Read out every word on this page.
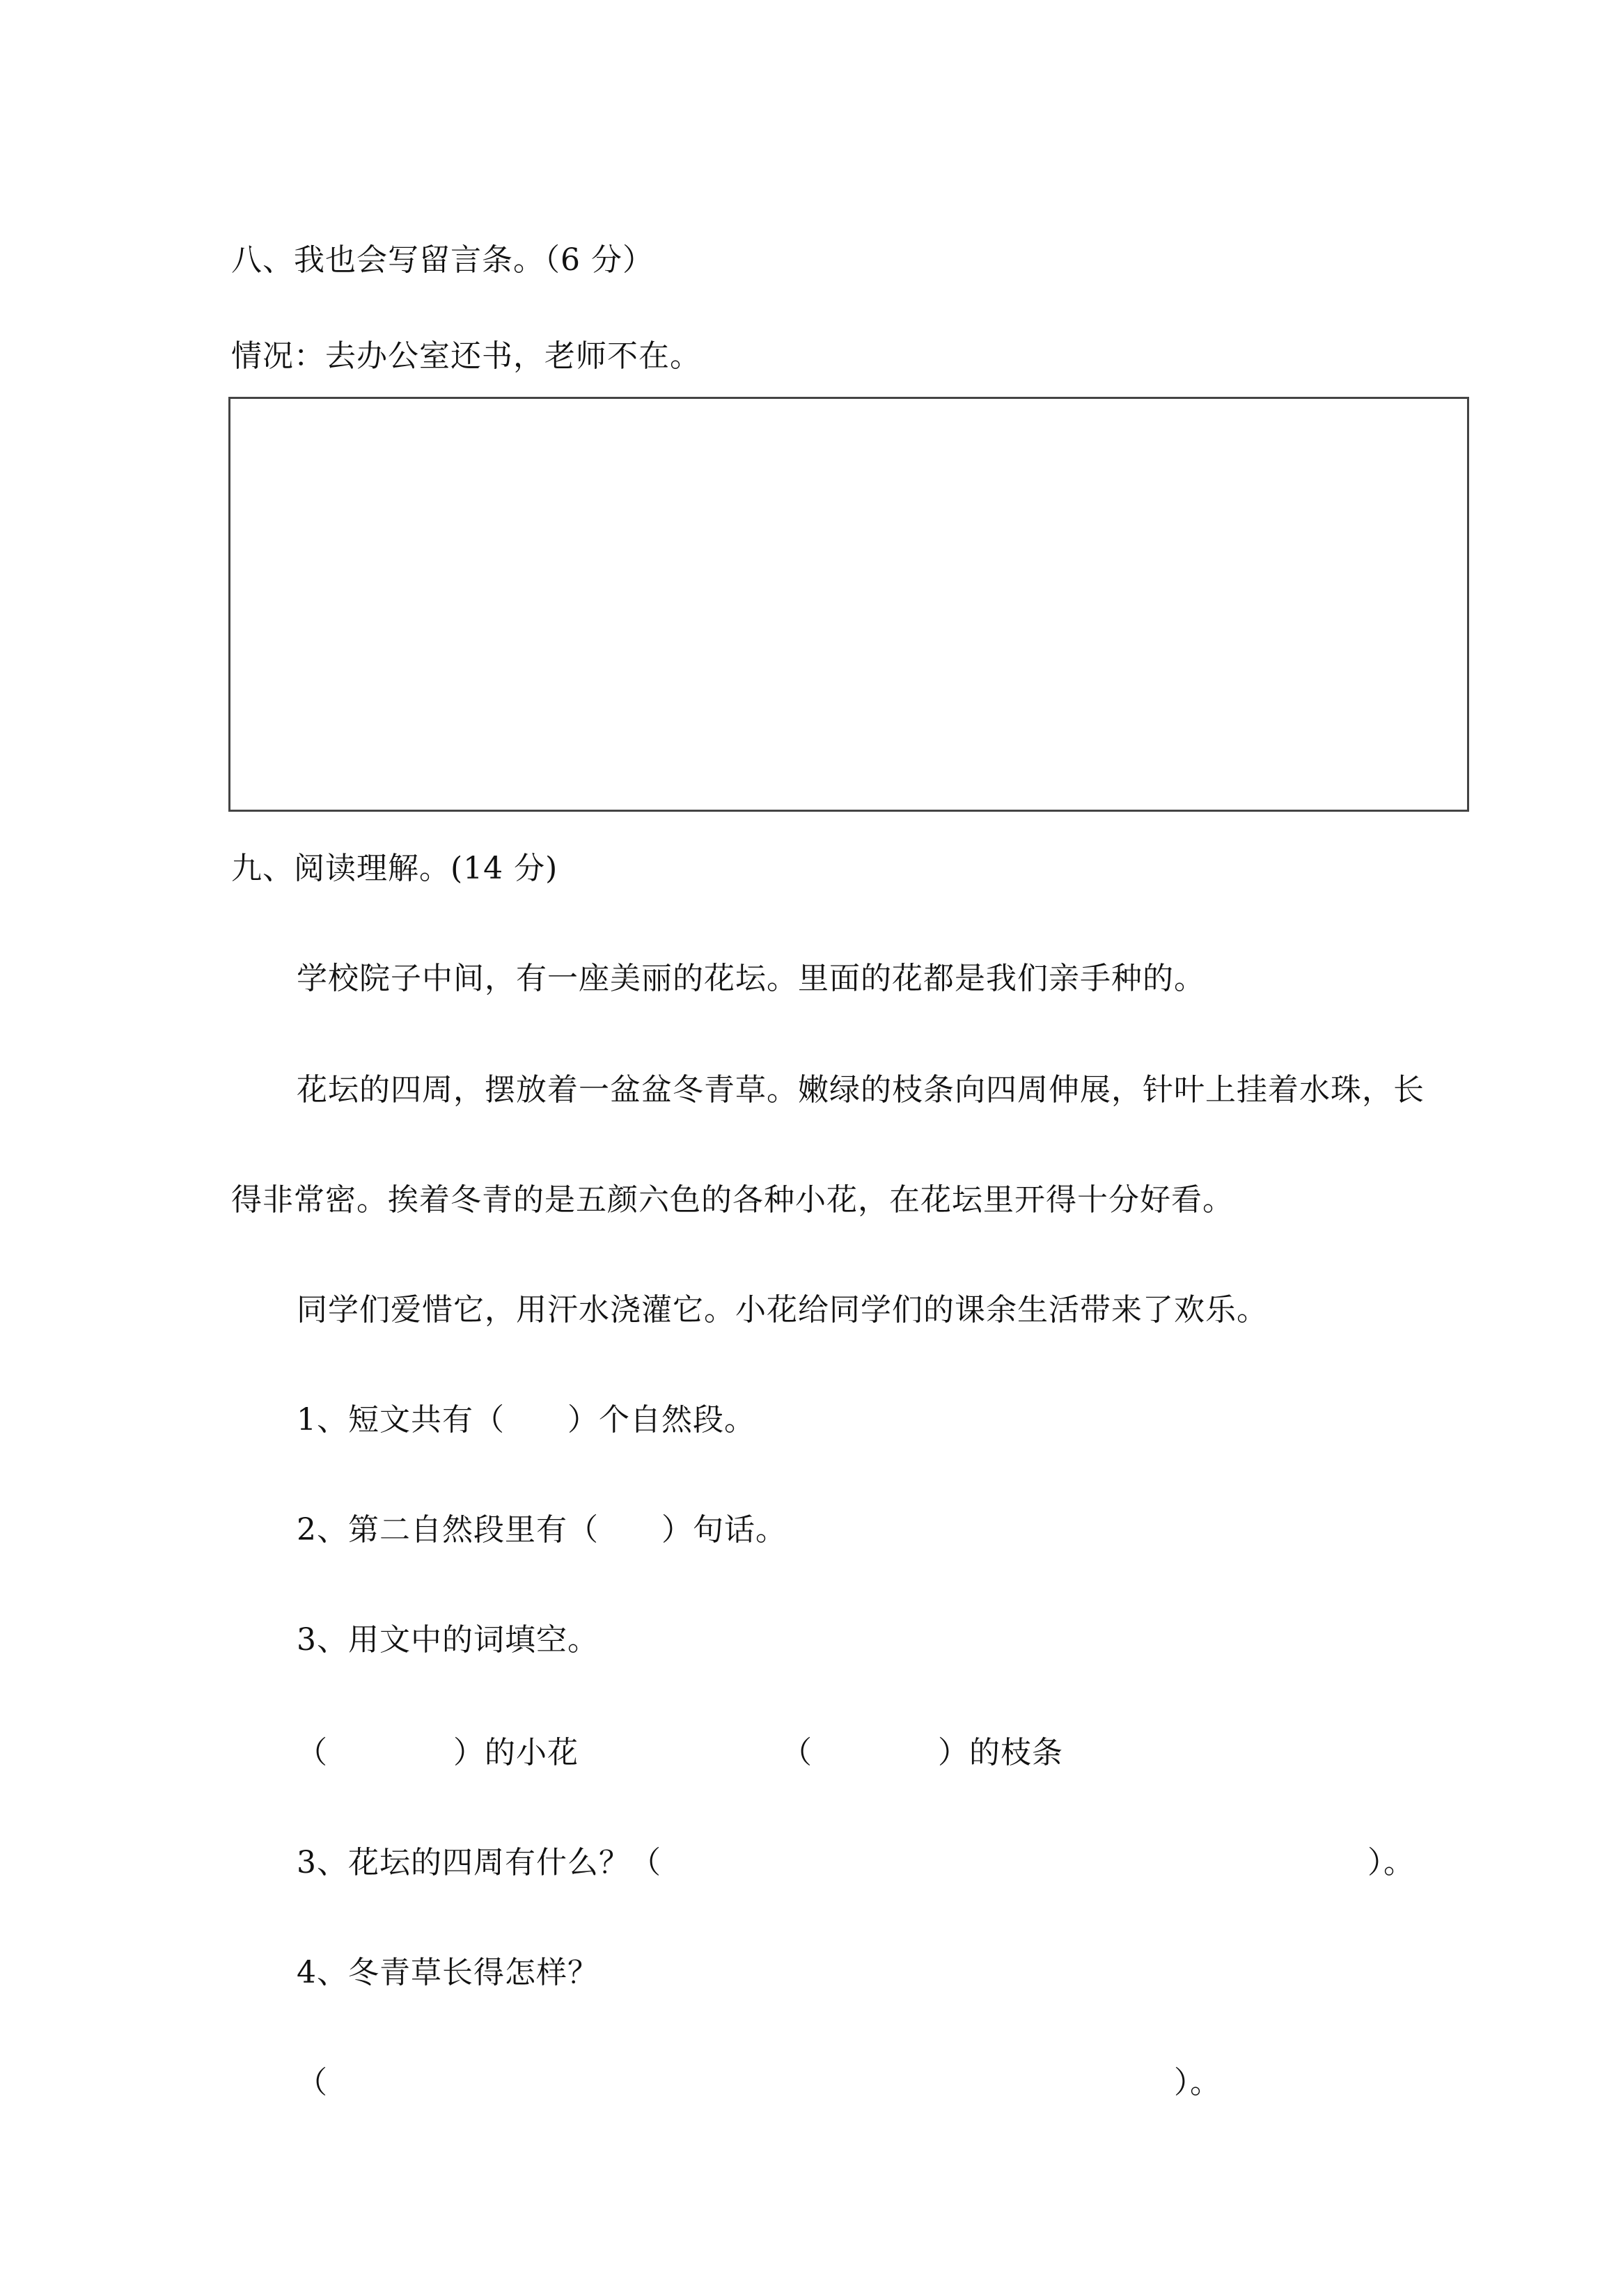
八、我也会写留言条。（6 分）
情况：去办公室还书，老师不在。
九、阅读理解。(14 分)
学校院子中间，有一座美丽的花坛。里面的花都是我们亲手种的。
花坛的四周，摆放着一盆盆冬青草。嫩绿的枝条向四周伸展，针叶上挂着水珠，长
得非常密。挨着冬青的是五颜六色的各种小花，在花坛里开得十分好看。
同学们爱惜它，用汗水浇灌它。小花给同学们的课余生活带来了欢乐。
1、短文共有（　　）个自然段。
2、第二自然段里有（　　）句话。
3、用文中的词填空。
（　　　　）的小花	（　　　　）的枝条
3、花坛的四周有什么？（	）。
4、冬青草长得怎样？
（	）。
